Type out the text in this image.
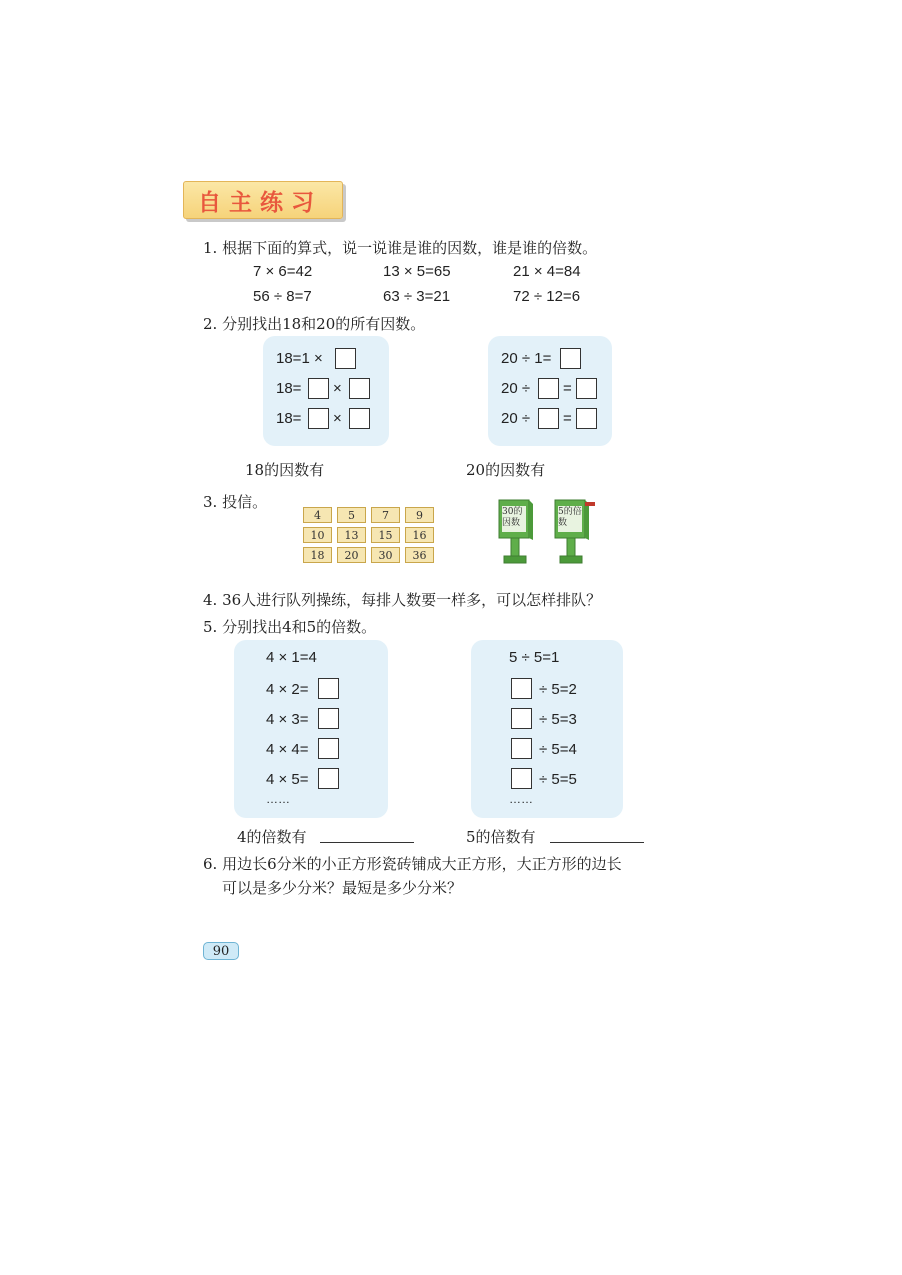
自主练习
1. 根据下面的算式，说一说谁是谁的因数，谁是谁的倍数。
7 × 6=42	13 × 5=65	21 × 4=84
56 ÷ 8=7	63 ÷ 3=21	72 ÷ 12=6
2. 分别找出18和20的所有因数。
18=1 ×
18= ×
18= ×
20 ÷ 1=
20 ÷ =
20 ÷ =
18的因数有	20的因数有
3. 投信。
4	5	7	9
10	13	15	16
18	20	30	36
30的因数
5的倍数
4. 36人进行队列操练，每排人数要一样多，可以怎样排队？
5. 分别找出4和5的倍数。
4 × 1=4
4 × 2=
4 × 3=
4 × 4=
4 × 5=
……
5 ÷ 5=1
÷ 5=2
÷ 5=3
÷ 5=4
÷ 5=5
……
4的倍数有	5的倍数有
6. 用边长6分米的小正方形瓷砖铺成大正方形，大正方形的边长
可以是多少分米？最短是多少分米？
90
